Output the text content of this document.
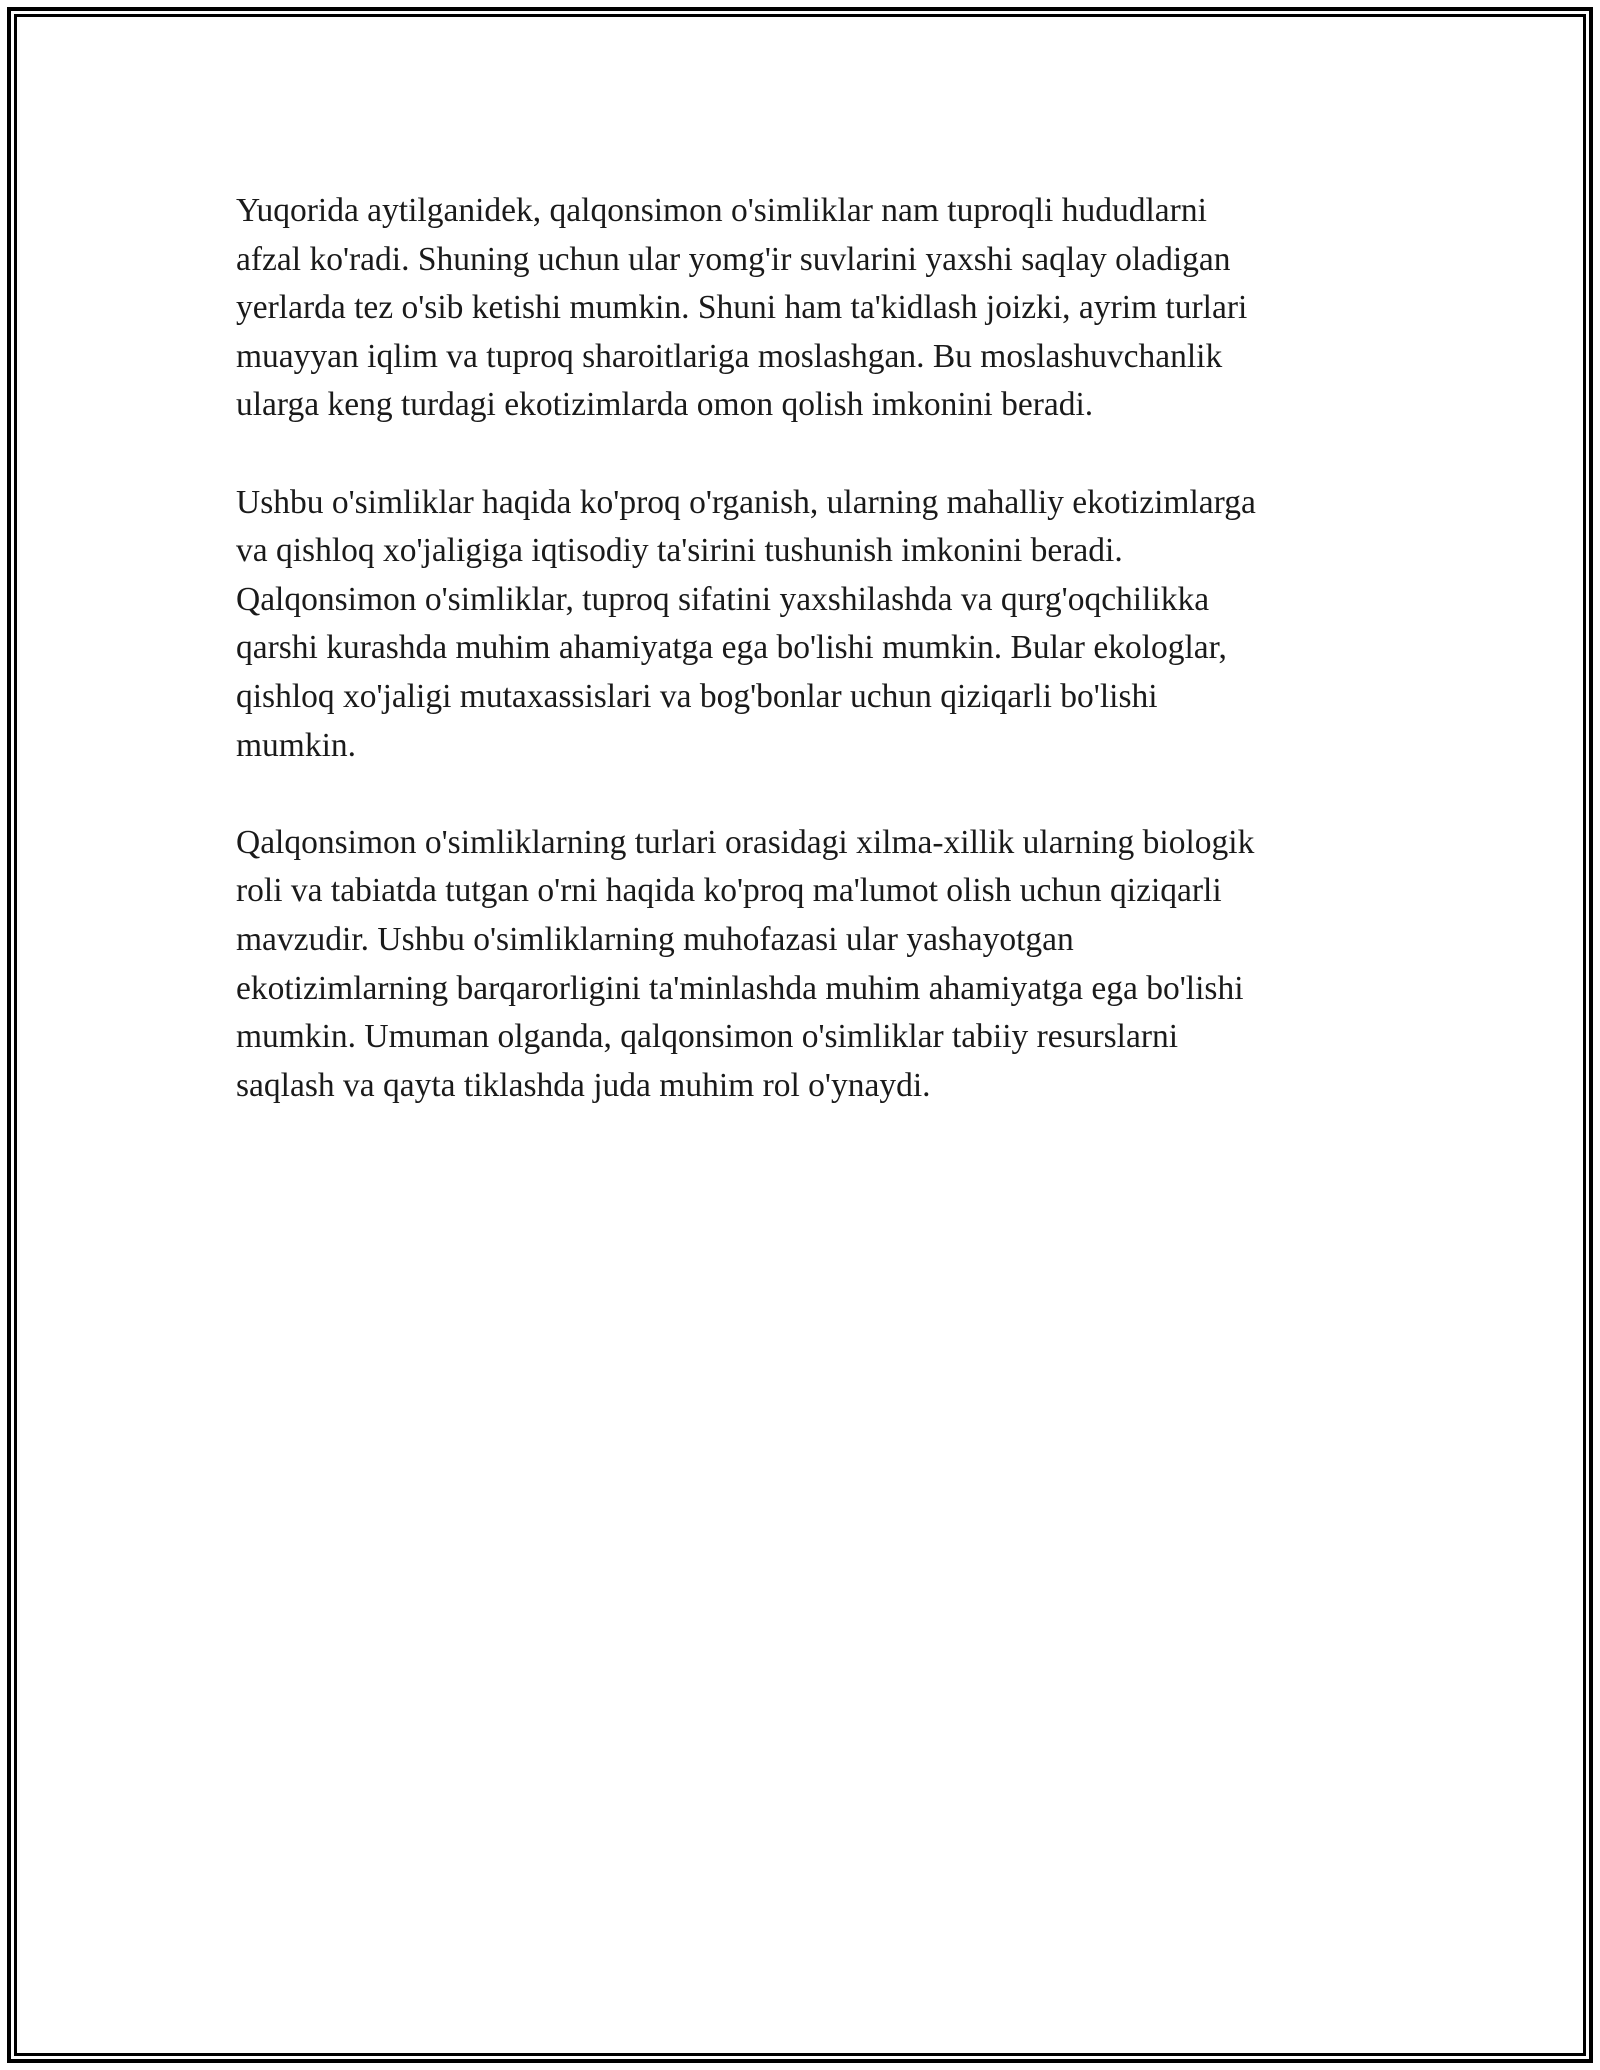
Yuqorida aytilganidek, qalqonsimon o'simliklar nam tuproqli hududlarni
afzal ko'radi. Shuning uchun ular yomg'ir suvlarini yaxshi saqlay oladigan
yerlarda tez o'sib ketishi mumkin. Shuni ham ta'kidlash joizki, ayrim turlari
muayyan iqlim va tuproq sharoitlariga moslashgan. Bu moslashuvchanlik
ularga keng turdagi ekotizimlarda omon qolish imkonini beradi.

Ushbu o'simliklar haqida ko'proq o'rganish, ularning mahalliy ekotizimlarga
va qishloq xo'jaligiga iqtisodiy ta'sirini tushunish imkonini beradi.
Qalqonsimon o'simliklar, tuproq sifatini yaxshilashda va qurg'oqchilikka
qarshi kurashda muhim ahamiyatga ega bo'lishi mumkin. Bular ekologlar,
qishloq xo'jaligi mutaxassislari va bog'bonlar uchun qiziqarli bo'lishi
mumkin.

Qalqonsimon o'simliklarning turlari orasidagi xilma-xillik ularning biologik
roli va tabiatda tutgan o'rni haqida ko'proq ma'lumot olish uchun qiziqarli
mavzudir. Ushbu o'simliklarning muhofazasi ular yashayotgan
ekotizimlarning barqarorligini ta'minlashda muhim ahamiyatga ega bo'lishi
mumkin. Umuman olganda, qalqonsimon o'simliklar tabiiy resurslarni
saqlash va qayta tiklashda juda muhim rol o'ynaydi.
